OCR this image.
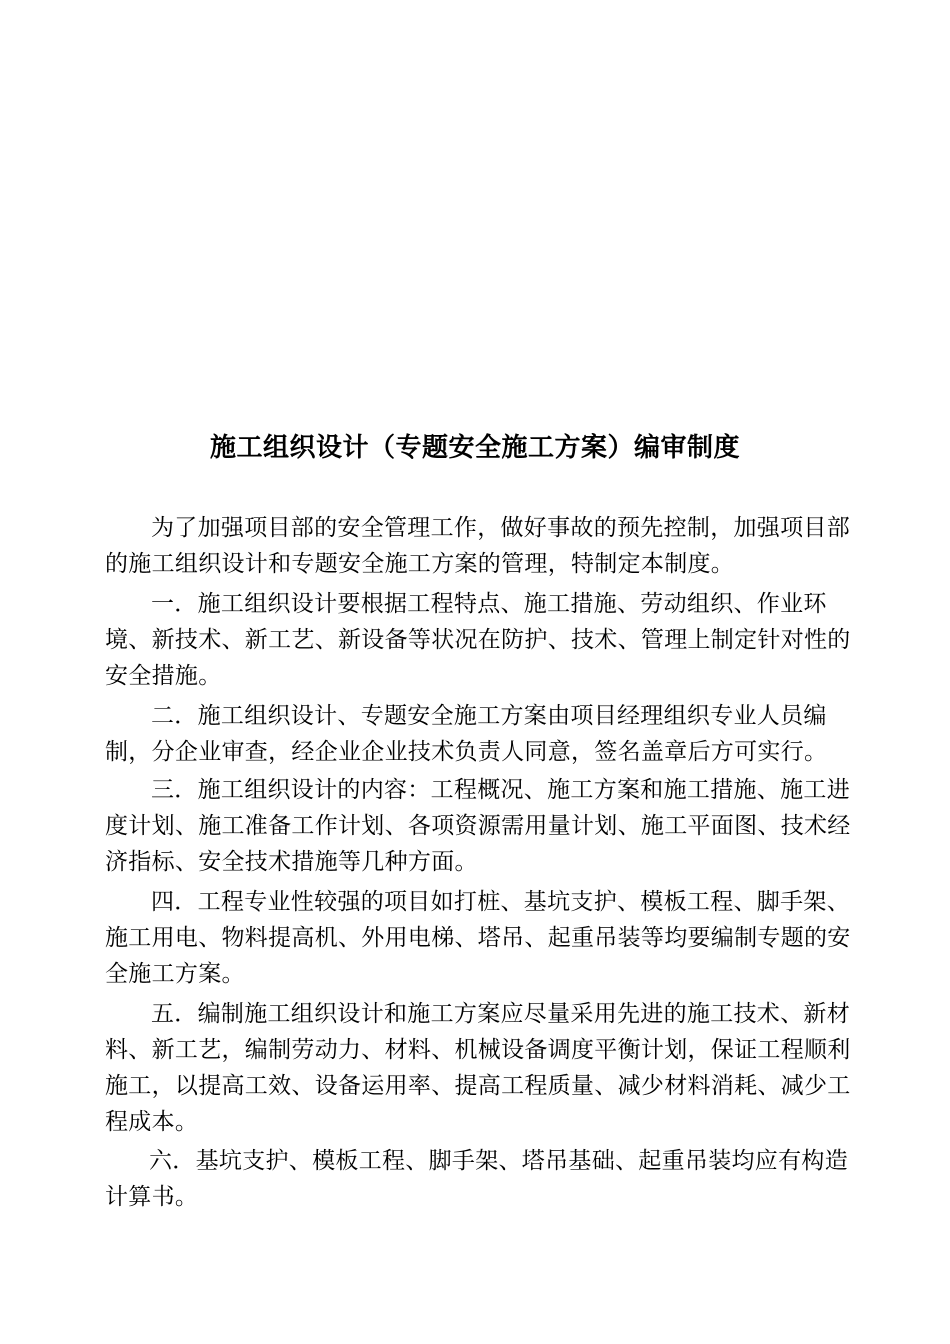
施工组织设计（专题安全施工方案）编审制度

为了加强项目部的安全管理工作，做好事故的预先控制，加强项目部的施工组织设计和专题安全施工方案的管理，特制定本制度。

一．施工组织设计要根据工程特点、施工措施、劳动组织、作业环境、新技术、新工艺、新设备等状况在防护、技术、管理上制定针对性的安全措施。

二．施工组织设计、专题安全施工方案由项目经理组织专业人员编制，分企业审查，经企业企业技术负责人同意，签名盖章后方可实行。

三．施工组织设计的内容：工程概况、施工方案和施工措施、施工进度计划、施工准备工作计划、各项资源需用量计划、施工平面图、技术经济指标、安全技术措施等几种方面。

四．工程专业性较强的项目如打桩、基坑支护、模板工程、脚手架、施工用电、物料提高机、外用电梯、塔吊、起重吊装等均要编制专题的安全施工方案。

五．编制施工组织设计和施工方案应尽量采用先进的施工技术、新材料、新工艺，编制劳动力、材料、机械设备调度平衡计划，保证工程顺利施工，以提高工效、设备运用率、提高工程质量、减少材料消耗、减少工程成本。

六．基坑支护、模板工程、脚手架、塔吊基础、起重吊装均应有构造计算书。
